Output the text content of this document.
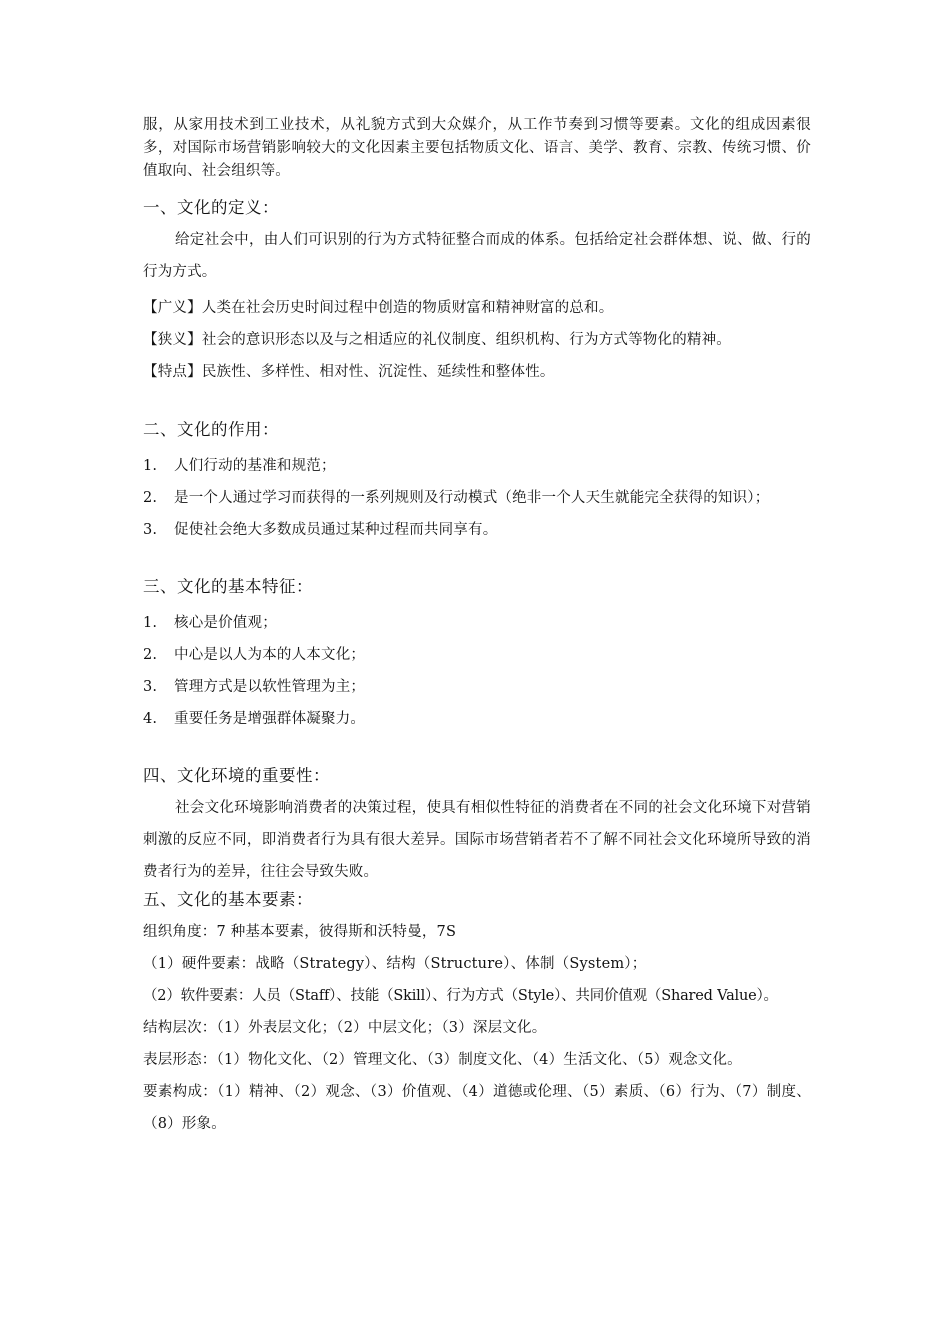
服，从家用技术到工业技术，从礼貌方式到大众媒介，从工作节奏到习惯等要素。文化的组成因素很多，对国际市场营销影响较大的文化因素主要包括物质文化、语言、美学、教育、宗教、传统习惯、价值取向、社会组织等。

一、文化的定义：

给定社会中，由人们可识别的行为方式特征整合而成的体系。包括给定社会群体想、说、做、行的行为方式。

【广义】人类在社会历史时间过程中创造的物质财富和精神财富的总和。
【狭义】社会的意识形态以及与之相适应的礼仪制度、组织机构、行为方式等物化的精神。
【特点】民族性、多样性、相对性、沉淀性、延续性和整体性。

二、文化的作用：

1.	人们行动的基准和规范；
2.	是一个人通过学习而获得的一系列规则及行动模式（绝非一个人天生就能完全获得的知识）；
3.	促使社会绝大多数成员通过某种过程而共同享有。

三、文化的基本特征：

1.	核心是价值观；
2.	中心是以人为本的人本文化；
3.	管理方式是以软性管理为主；
4.	重要任务是增强群体凝聚力。

四、文化环境的重要性：

社会文化环境影响消费者的决策过程，使具有相似性特征的消费者在不同的社会文化环境下对营销刺激的反应不同，即消费者行为具有很大差异。国际市场营销者若不了解不同社会文化环境所导致的消费者行为的差异，往往会导致失败。

五、文化的基本要素：

组织角度：7 种基本要素，彼得斯和沃特曼，7S
（1）硬件要素：战略（Strategy）、结构（Structure）、体制（System）；
（2）软件要素：人员（Staff）、技能（Skill）、行为方式（Style）、共同价值观（Shared Value）。
结构层次：（1）外表层文化；（2）中层文化；（3）深层文化。
表层形态：（1）物化文化、（2）管理文化、（3）制度文化、（4）生活文化、（5）观念文化。
要素构成：（1）精神、（2）观念、（3）价值观、（4）道德或伦理、（5）素质、（6）行为、（7）制度、（8）形象。
